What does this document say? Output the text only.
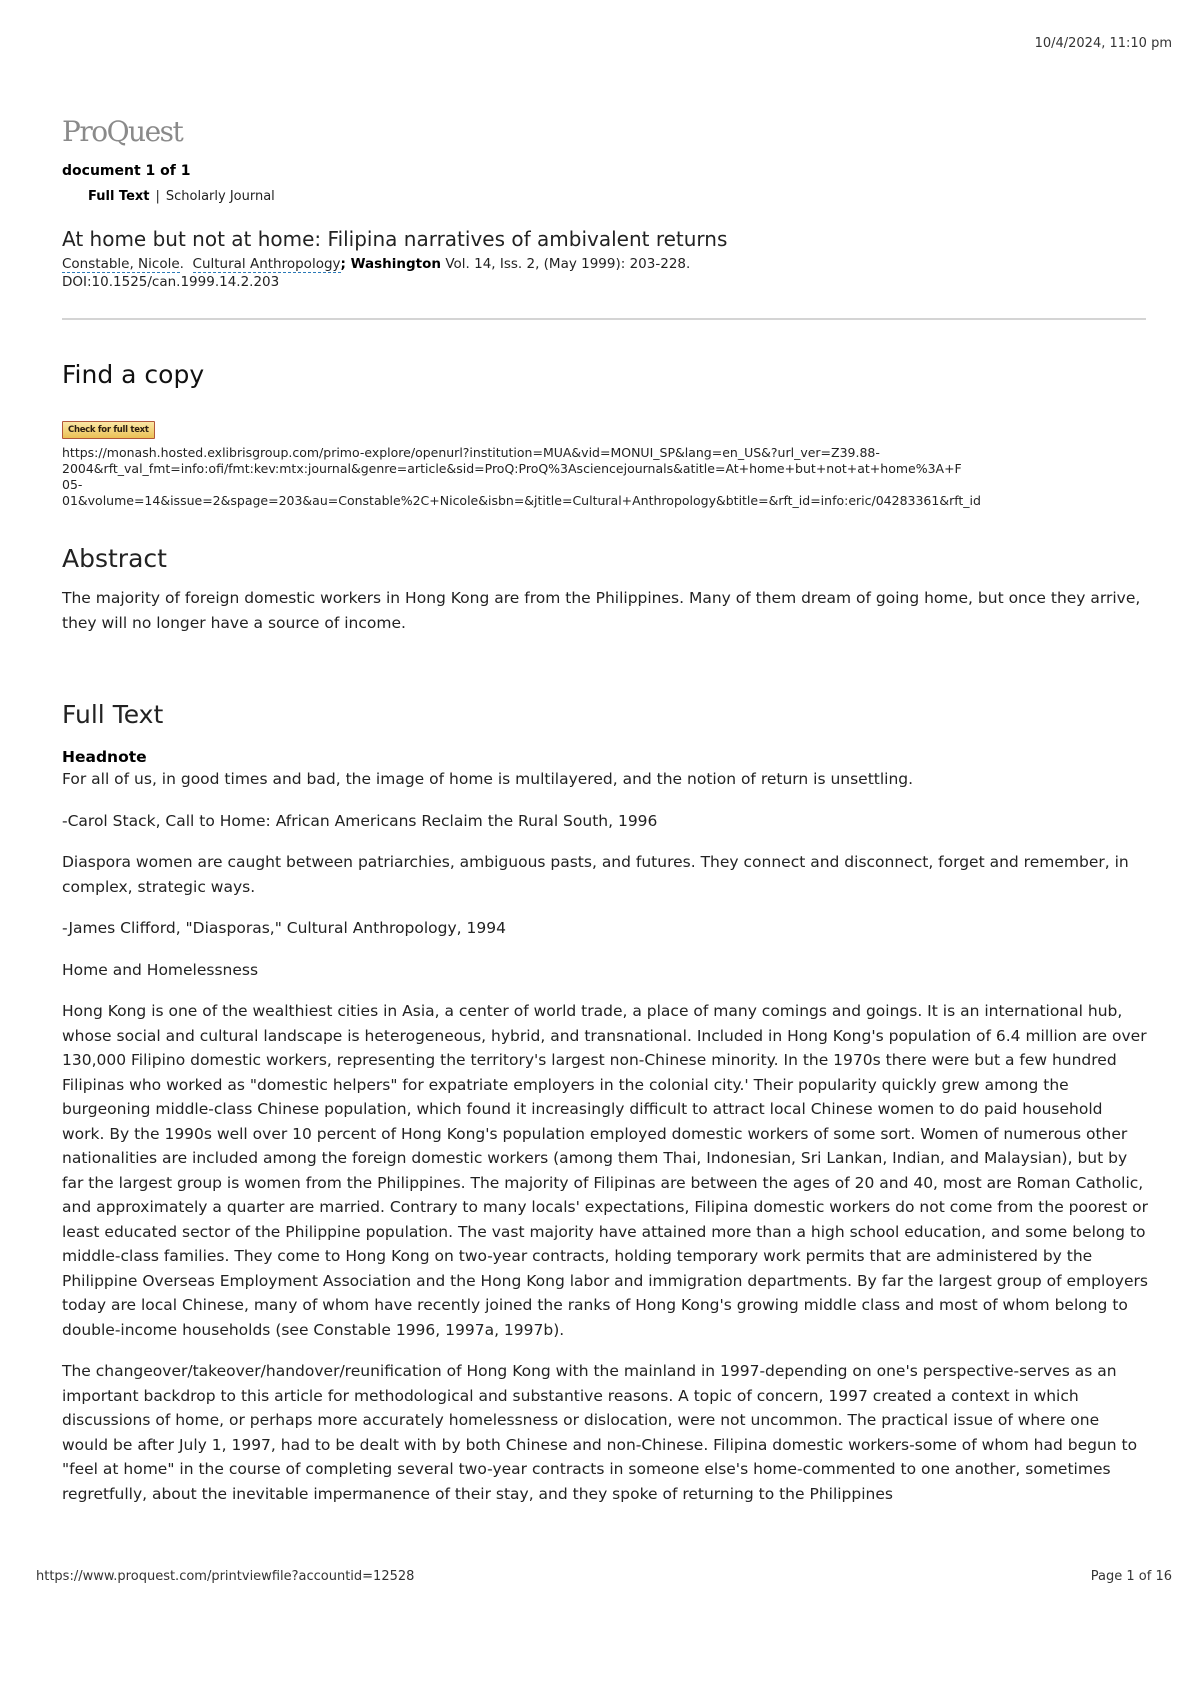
10/4/2024, 11:10 pm
ProQuest
document 1 of 1
Full Text | Scholarly Journal
At home but not at home: Filipina narratives of ambivalent returns
Constable, Nicole.  Cultural Anthropology; Washington Vol. 14, Iss. 2, (May 1999): 203-228.
DOI:10.1525/can.1999.14.2.203
Find a copy
Check for full text
https://monash.hosted.exlibrisgroup.com/primo-explore/openurl?institution=MUA&vid=MONUI_SP&lang=en_US&?url_ver=Z39.88-
2004&rft_val_fmt=info:ofi/fmt:kev:mtx:journal&genre=article&sid=ProQ:ProQ%3Asciencejournals&atitle=At+home+but+not+at+home%3A+F
05-
01&volume=14&issue=2&spage=203&au=Constable%2C+Nicole&isbn=&jtitle=Cultural+Anthropology&btitle=&rft_id=info:eric/04283361&rft_id
Abstract

The majority of foreign domestic workers in Hong Kong are from the Philippines. Many of them dream of going home, but once they arrive, they will no longer have a source of income.

Full Text
Headnote

For all of us, in good times and bad, the image of home is multilayered, and the notion of return is unsettling.

-Carol Stack, Call to Home: African Americans Reclaim the Rural South, 1996

Diaspora women are caught between patriarchies, ambiguous pasts, and futures. They connect and disconnect, forget and remember, in complex, strategic ways.

-James Clifford, "Diasporas," Cultural Anthropology, 1994

Home and Homelessness

Hong Kong is one of the wealthiest cities in Asia, a center of world trade, a place of many comings and goings. It is an international hub, whose social and cultural landscape is heterogeneous, hybrid, and transnational. Included in Hong Kong's population of 6.4 million are over 130,000 Filipino domestic workers, representing the territory's largest non-Chinese minority. In the 1970s there were but a few hundred Filipinas who worked as "domestic helpers" for expatriate employers in the colonial city.' Their popularity quickly grew among the burgeoning middle-class Chinese population, which found it increasingly difficult to attract local Chinese women to do paid household work. By the 1990s well over 10 percent of Hong Kong's population employed domestic workers of some sort. Women of numerous other nationalities are included among the foreign domestic workers (among them Thai, Indonesian, Sri Lankan, Indian, and Malaysian), but by far the largest group is women from the Philippines. The majority of Filipinas are between the ages of 20 and 40, most are Roman Catholic, and approximately a quarter are married. Contrary to many locals' expectations, Filipina domestic workers do not come from the poorest or least educated sector of the Philippine population. The vast majority have attained more than a high school education, and some belong to middle-class families. They come to Hong Kong on two-year contracts, holding temporary work permits that are administered by the Philippine Overseas Employment Association and the Hong Kong labor and immigration departments. By far the largest group of employers today are local Chinese, many of whom have recently joined the ranks of Hong Kong's growing middle class and most of whom belong to double-income households (see Constable 1996, 1997a, 1997b).

The changeover/takeover/handover/reunification of Hong Kong with the mainland in 1997-depending on one's perspective-serves as an important backdrop to this article for methodological and substantive reasons. A topic of concern, 1997 created a context in which discussions of home, or perhaps more accurately homelessness or dislocation, were not uncommon. The practical issue of where one would be after July 1, 1997, had to be dealt with by both Chinese and non-Chinese. Filipina domestic workers-some of whom had begun to "feel at home" in the course of completing several two-year contracts in someone else's home-commented to one another, sometimes regretfully, about the inevitable impermanence of their stay, and they spoke of returning to the Philippines

https://www.proquest.com/printviewfile?accountid=12528	Page 1 of 16
